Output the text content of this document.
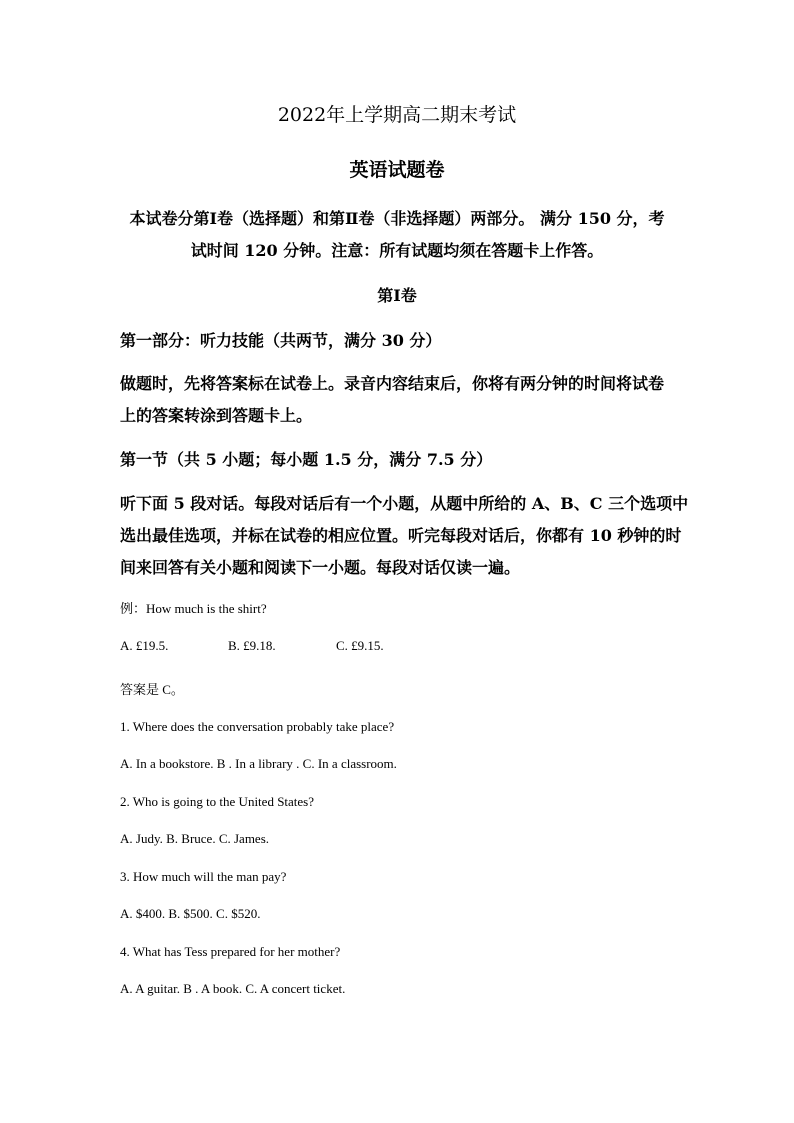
2022年上学期高二期末考试
英语试题卷
本试卷分第Ⅰ卷（选择题）和第Ⅱ卷（非选择题）两部分。 满分 150 分，考
试时间 120 分钟。注意：所有试题均须在答题卡上作答。
第Ⅰ卷
第一部分：听力技能（共两节，满分 30 分）
做题时，先将答案标在试卷上。录音内容结束后，你将有两分钟的时间将试卷
上的答案转涂到答题卡上。
第一节（共 5 小题；每小题 1.5 分，满分 7.5 分）
听下面 5 段对话。每段对话后有一个小题，从题中所给的 A、B、C 三个选项中
选出最佳选项，并标在试卷的相应位置。听完每段对话后，你都有 10 秒钟的时
间来回答有关小题和阅读下一小题。每段对话仅读一遍。
例：How much is the shirt?
A. £19.5.	B. £9.18.	C. £9.15.
答案是 C。
1. Where does the conversation probably take place?
A. In a bookstore. B . In a library . C. In a classroom.
2. Who is going to the United States?
A. Judy. B. Bruce. C. James.
3. How much will the man pay?
A. $400. B. $500. C. $520.
4. What has Tess prepared for her mother?
A. A guitar. B . A book. C. A concert ticket.
